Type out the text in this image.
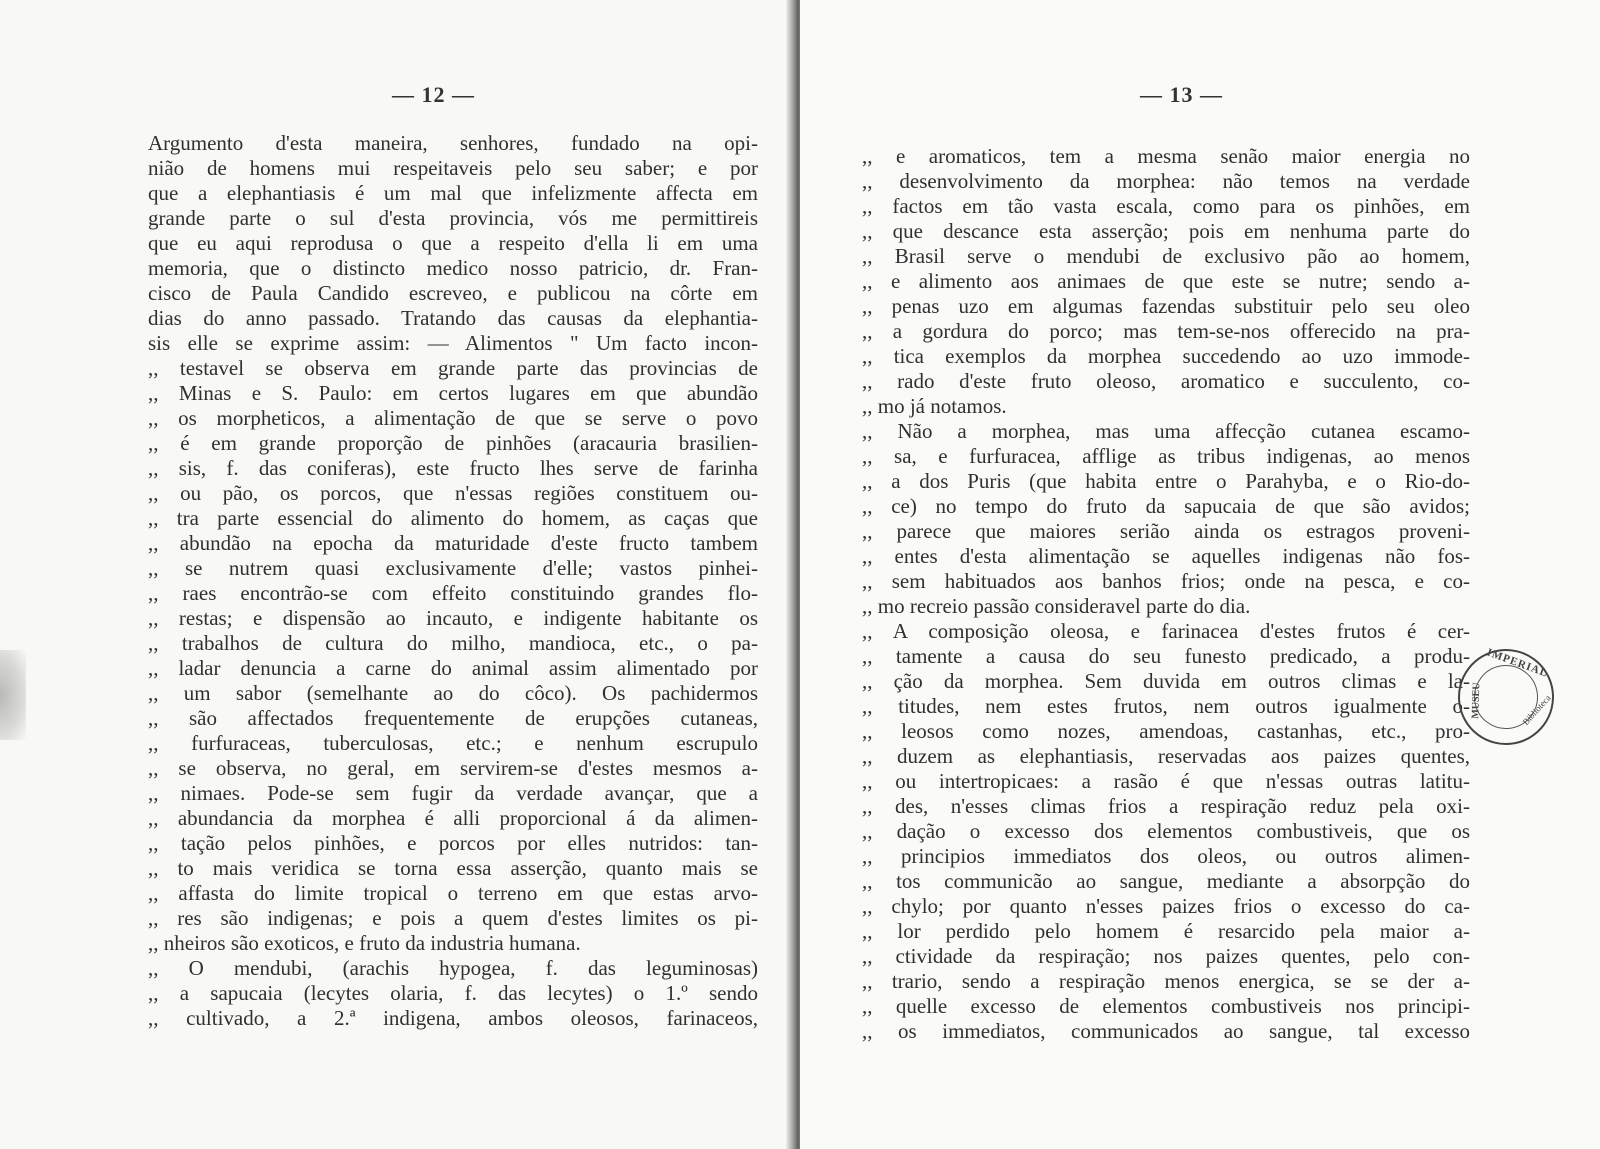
— 12 —
Argumento d'esta maneira, senhores, fundado na opi-
nião de homens mui respeitaveis pelo seu saber; e por
que a elephantiasis é um mal que infelizmente affecta em
grande parte o sul d'esta provincia, vós me permittireis
que eu aqui reprodusa o que a respeito d'ella li em uma
memoria, que o distincto medico nosso patricio, dr. Fran-
cisco de Paula Candido escreveo, e publicou na côrte em
dias do anno passado. Tratando das causas da elephantia-
sis elle se exprime assim: — Alimentos " Um facto incon-
,, testavel se observa em grande parte das provincias de
,, Minas e S. Paulo: em certos lugares em que abundão
,, os morpheticos, a alimentação de que se serve o povo
,, é em grande proporção de pinhões (aracauria brasilien-
,, sis, f. das coniferas), este fructo lhes serve de farinha
,, ou pão, os porcos, que n'essas regiões constituem ou-
,, tra parte essencial do alimento do homem, as caças que
,, abundão na epocha da maturidade d'este fructo tambem
,, se nutrem quasi exclusivamente d'elle; vastos pinhei-
,, raes encontrão-se com effeito constituindo grandes flo-
,, restas; e dispensão ao incauto, e indigente habitante os
,, trabalhos de cultura do milho, mandioca, etc., o pa-
,, ladar denuncia a carne do animal assim alimentado por
,, um sabor (semelhante ao do côco). Os pachidermos
,, são affectados frequentemente de erupções cutaneas,
,, furfuraceas, tuberculosas, etc.; e nenhum escrupulo
,, se observa, no geral, em servirem-se d'estes mesmos a-
,, nimaes. Pode-se sem fugir da verdade avançar, que a
,, abundancia da morphea é alli proporcional á da alimen-
,, tação pelos pinhões, e porcos por elles nutridos: tan-
,, to mais veridica se torna essa asserção, quanto mais se
,, affasta do limite tropical o terreno em que estas arvo-
,, res são indigenas; e pois a quem d'estes limites os pi-
,, nheiros são exoticos, e fruto da industria humana.
,, O mendubi, (arachis hypogea, f. das leguminosas)
,, a sapucaia (lecytes olaria, f. das lecytes) o 1.º sendo
,, cultivado, a 2.ª indigena, ambos oleosos, farinaceos,
— 13 —
,, e aromaticos, tem a mesma senão maior energia no
,, desenvolvimento da morphea: não temos na verdade
,, factos em tão vasta escala, como para os pinhões, em
,, que descance esta asserção; pois em nenhuma parte do
,, Brasil serve o mendubi de exclusivo pão ao homem,
,, e alimento aos animaes de que este se nutre; sendo a-
,, penas uzo em algumas fazendas substituir pelo seu oleo
,, a gordura do porco; mas tem-se-nos offerecido na pra-
,, tica exemplos da morphea succedendo ao uzo immode-
,, rado d'este fruto oleoso, aromatico e succulento, co-
,, mo já notamos.
,, Não a morphea, mas uma affecção cutanea escamo-
,, sa, e furfuracea, afflige as tribus indigenas, ao menos
,, a dos Puris (que habita entre o Parahyba, e o Rio-do-
,, ce) no tempo do fruto da sapucaia de que são avidos;
,, parece que maiores serião ainda os estragos proveni-
,, entes d'esta alimentação se aquelles indigenas não fos-
,, sem habituados aos banhos frios; onde na pesca, e co-
,, mo recreio passão consideravel parte do dia.
,, A composição oleosa, e farinacea d'estes frutos é cer-
,, tamente a causa do seu funesto predicado, a produ-
,, ção da morphea. Sem duvida em outros climas e la-
,, titudes, nem estes frutos, nem outros igualmente o-
,, leosos como nozes, amendoas, castanhas, etc., pro-
,, duzem as elephantiasis, reservadas aos paizes quentes,
,, ou intertropicaes: a rasão é que n'essas outras latitu-
,, des, n'esses climas frios a respiração reduz pela oxi-
,, dação o excesso dos elementos combustiveis, que os
,, principios immediatos dos oleos, ou outros alimen-
,, tos communicão ao sangue, mediante a absorpção do
,, chylo; por quanto n'esses paizes frios o excesso do ca-
,, lor perdido pelo homem é resarcido pela maior a-
,, ctividade da respiração; nos paizes quentes, pelo con-
,, trario, sendo a respiração menos energica, se se der a-
,, quelle excesso de elementos combustiveis nos principi-
,, os immediatos, communicados ao sangue, tal excesso
IMPERIAL
MUSEU	Biblioteca
